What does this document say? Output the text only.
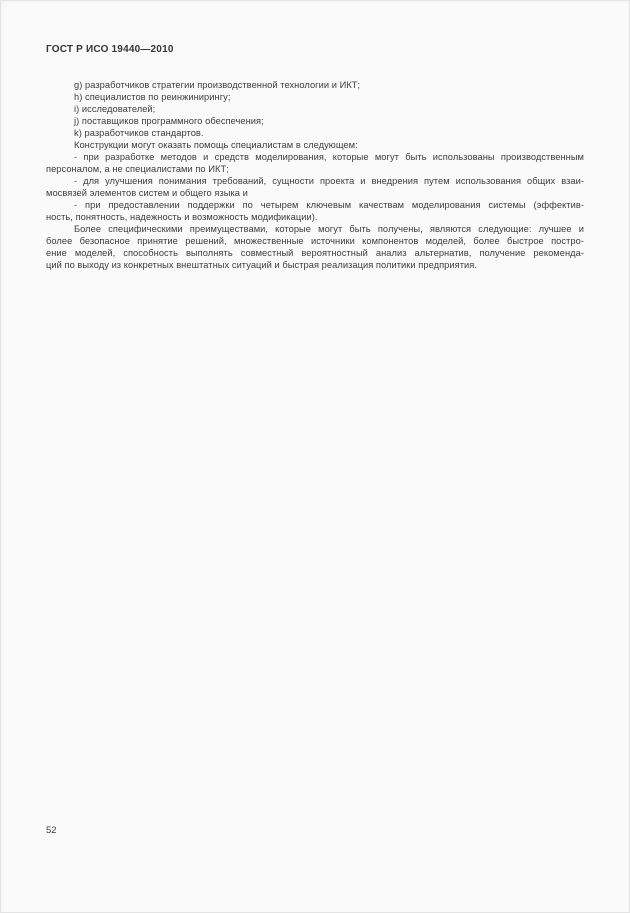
ГОСТ Р ИСО 19440—2010
g) разработчиков стратегии производственной технологии и ИКТ;
h) специалистов по реинжинирингу;
i) исследователей;
j) поставщиков программного обеспечения;
k) разработчиков стандартов.
Конструкции могут оказать помощь специалистам в следующем:
- при разработке методов и средств моделирования, которые могут быть использованы производственным
персоналом, а не специалистами по ИКТ;
- для улучшения понимания требований, сущности проекта и внедрения путем использования общих взаи-
мосвязей элементов систем и общего языка и
- при предоставлении поддержки по четырем ключевым качествам моделирования системы (эффектив-
ность, понятность, надежность и возможность модификации).
Более специфическими преимуществами, которые могут быть получены, являются следующие: лучшее и
более безопасное принятие решений, множественные источники компонентов моделей, более быстрое постро-
ение моделей, способность выполнять совместный вероятностный анализ альтернатив, получение рекоменда-
ций по выходу из конкретных внештатных ситуаций и быстрая реализация политики предприятия.
52
